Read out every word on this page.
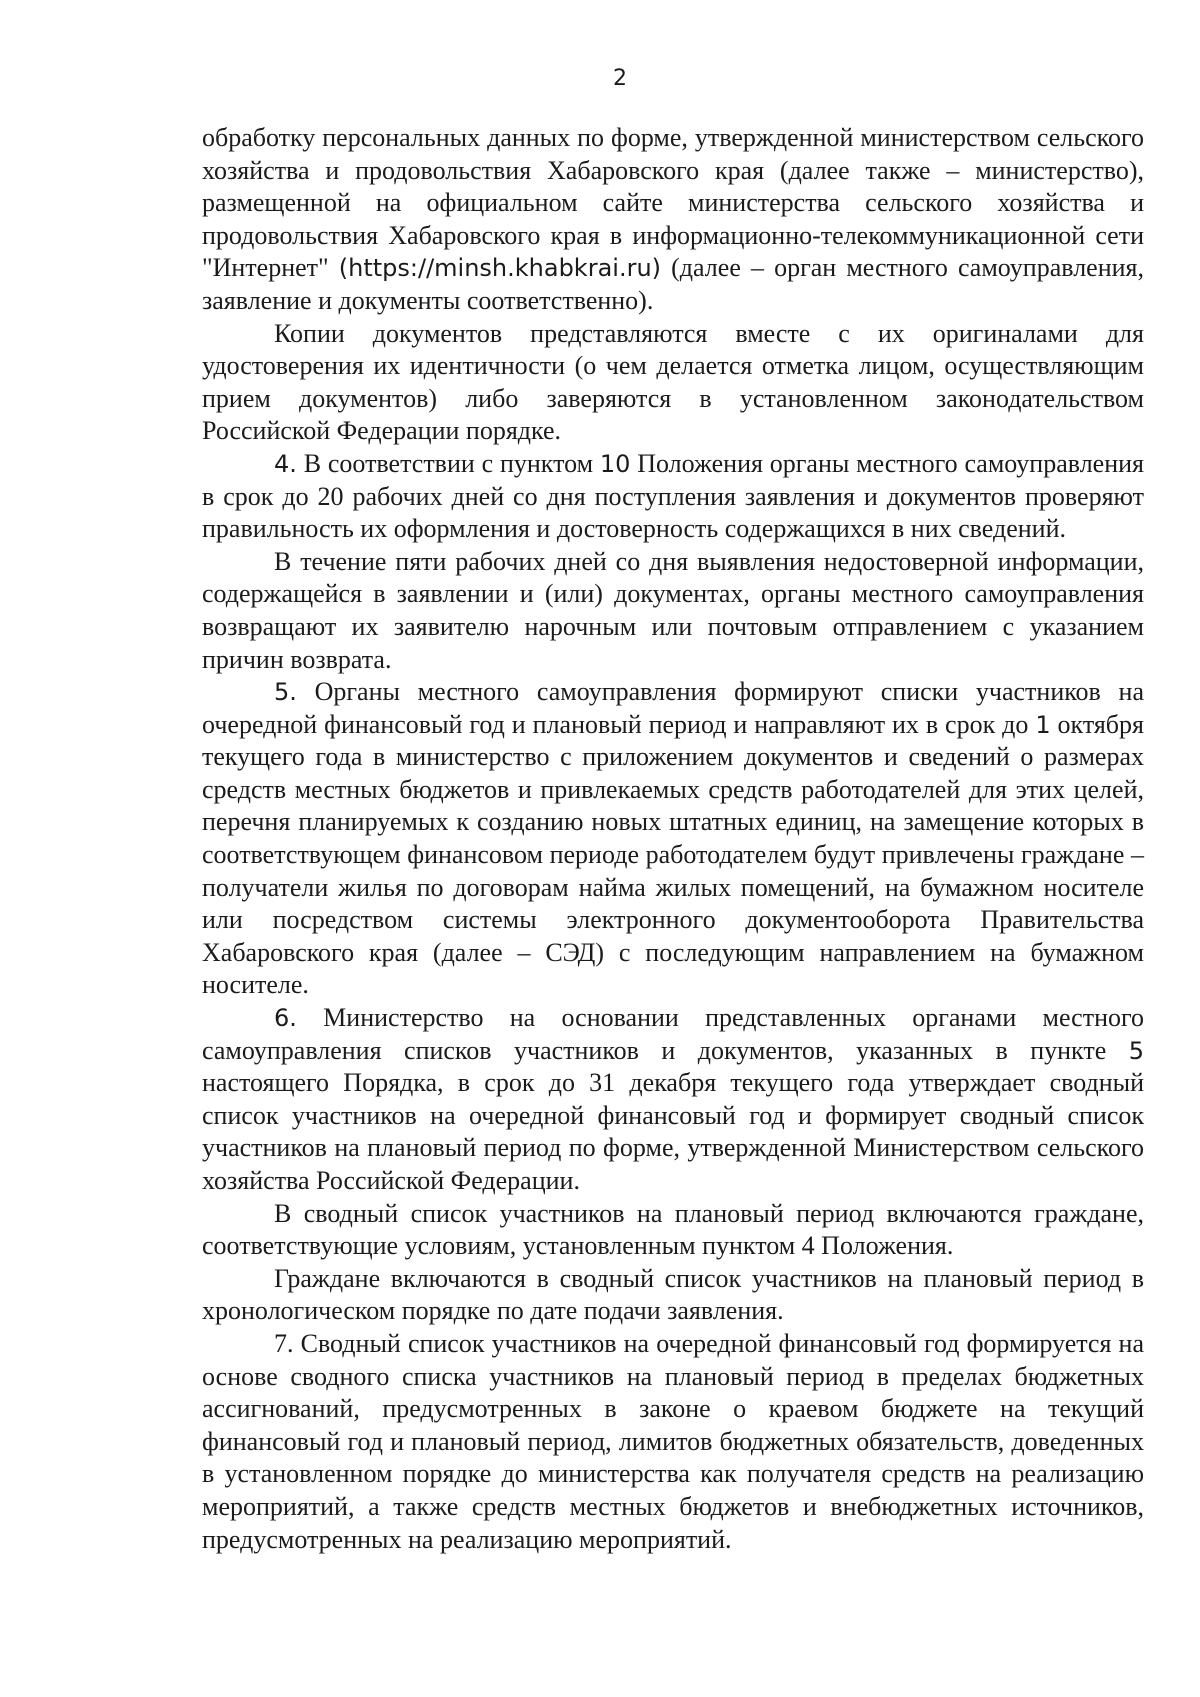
2

обработку персональных данных по форме, утвержденной министерством сельского хозяйства и продовольствия Хабаровского края (далее также – министерство), размещенной на официальном сайте министерства сельского хозяйства и продовольствия Хабаровского края в информационно-телекоммуникационной сети "Интернет" (https://minsh.khabkrai.ru) (далее – орган местного самоуправления, заявление и документы соответственно).

Копии документов представляются вместе с их оригиналами для удостоверения их идентичности (о чем делается отметка лицом, осуществляющим прием документов) либо заверяются в установленном законодательством Российской Федерации порядке.

4. В соответствии с пунктом 10 Положения органы местного самоуправления в срок до 20 рабочих дней со дня поступления заявления и документов проверяют правильность их оформления и достоверность содержащихся в них сведений.

В течение пяти рабочих дней со дня выявления недостоверной информации, содержащейся в заявлении и (или) документах, органы местного самоуправления возвращают их заявителю нарочным или почтовым отправлением с указанием причин возврата.

5. Органы местного самоуправления формируют списки участников на очередной финансовый год и плановый период и направляют их в срок до 1 октября текущего года в министерство с приложением документов и сведений о размерах средств местных бюджетов и привлекаемых средств работодателей для этих целей, перечня планируемых к созданию новых штатных единиц, на замещение которых в соответствующем финансовом периоде работодателем будут привлечены граждане – получатели жилья по договорам найма жилых помещений, на бумажном носителе или посредством системы электронного документооборота Правительства Хабаровского края (далее – СЭД) с последующим направлением на бумажном носителе.

6. Министерство на основании представленных органами местного самоуправления списков участников и документов, указанных в пункте 5 настоящего Порядка, в срок до 31 декабря текущего года утверждает сводный список участников на очередной финансовый год и формирует сводный список участников на плановый период по форме, утвержденной Министерством сельского хозяйства Российской Федерации.

В сводный список участников на плановый период включаются граждане, соответствующие условиям, установленным пунктом 4 Положения.

Граждане включаются в сводный список участников на плановый период в хронологическом порядке по дате подачи заявления.

7. Сводный список участников на очередной финансовый год формируется на основе сводного списка участников на плановый период в пределах бюджетных ассигнований, предусмотренных в законе о краевом бюджете на текущий финансовый год и плановый период, лимитов бюджетных обязательств, доведенных в установленном порядке до министерства как получателя средств на реализацию мероприятий, а также средств местных бюджетов и внебюджетных источников, предусмотренных на реализацию мероприятий.
